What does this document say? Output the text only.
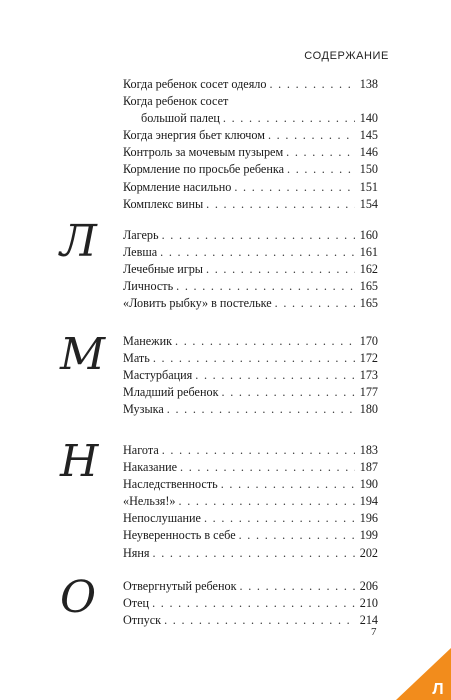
СОДЕРЖАНИЕ
Когда ребенок сосет одеяло . . .	138
Когда ребенок сосет
большой палец . . .	140
Когда энергия бьет ключом . . .	145
Контроль за мочевым пузырем . . .	146
Кормление по просьбе ребенка . . .	150
Кормление насильно . . .	151
Комплекс вины . . .	154
Л Лагерь . . .	160
Левша . . .	161
Лечебные игры . . .	162
Личность . . .	165
«Ловить рыбку» в постельке . . .	165
М Манежик . . .	170
Мать . . .	172
Мастурбация . . .	173
Младший ребенок . . .	177
Музыка . . .	180
Н Нагота . . .	183
Наказание . . .	187
Наследственность . . .	190
«Нельзя!» . . .	194
Непослушание . . .	196
Неуверенность в себе . . .	199
Няня . . .	202
О Отвергнутый ребенок . . .	206
Отец . . .	210
Отпуск . . .	214
7
Л
